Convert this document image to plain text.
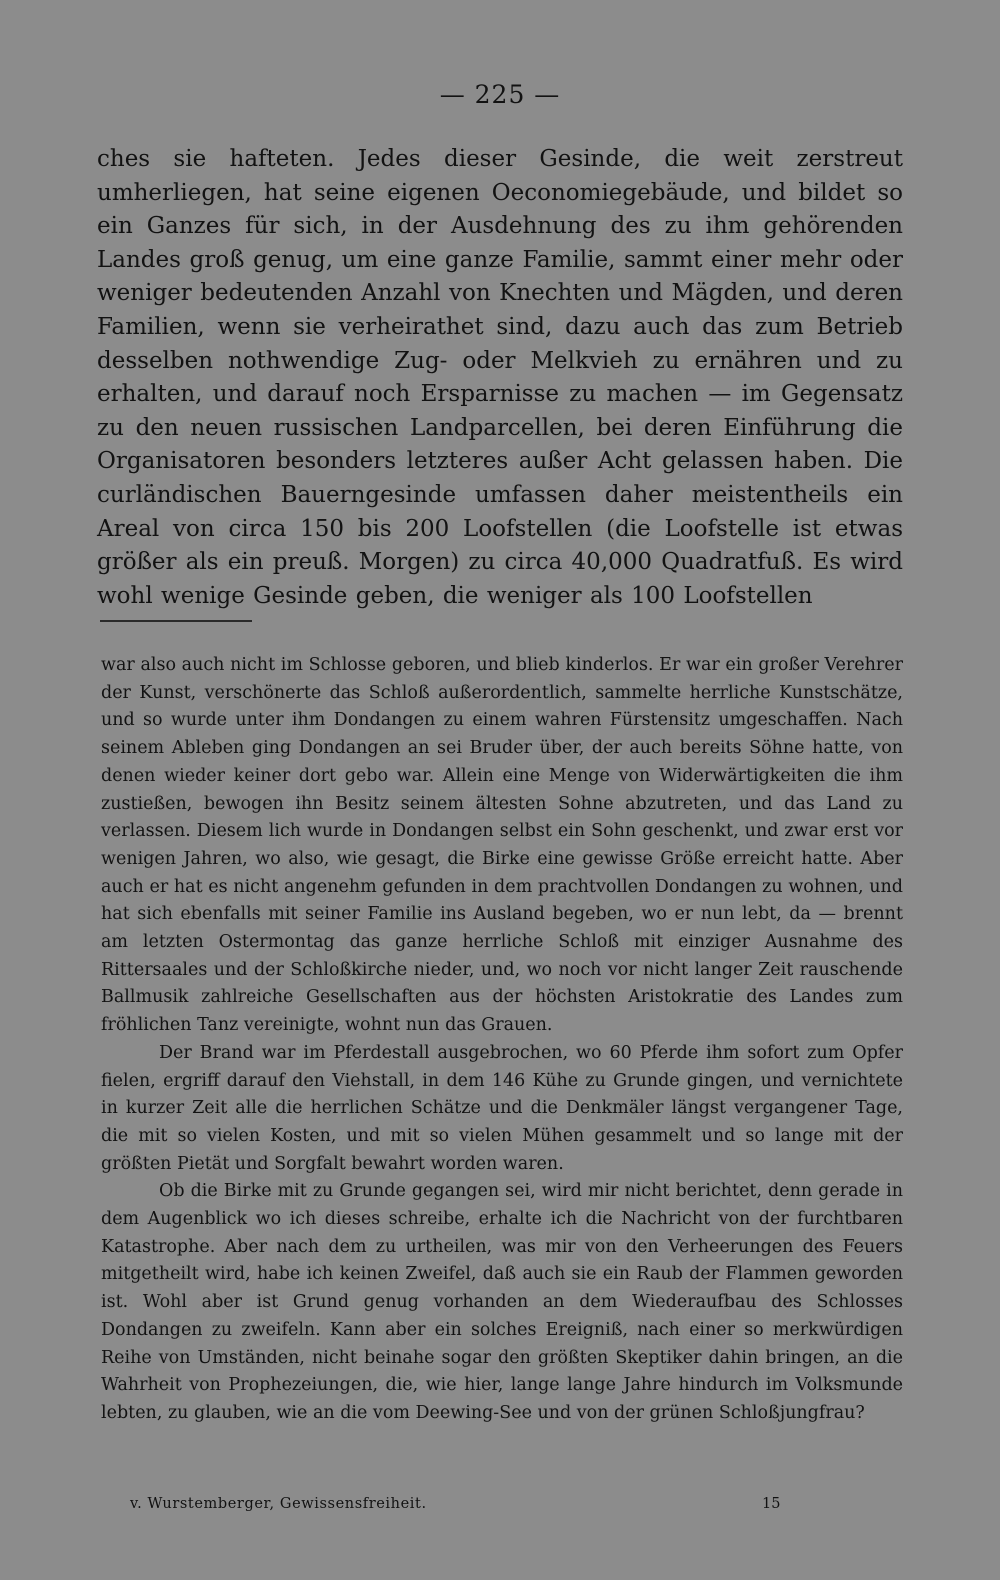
— 225 —

ches sie hafteten. Jedes dieser Gesinde, die weit zerstreut umherliegen, hat seine eigenen Oeconomiegebäude, und bildet so ein Ganzes für sich, in der Ausdehnung des zu ihm gehörenden Landes groß genug, um eine ganze Familie, sammt einer mehr oder weniger bedeutenden Anzahl von Knechten und Mägden, und deren Familien, wenn sie verheirathet sind, dazu auch das zum Betrieb desselben nothwendige Zug- oder Melkvieh zu ernähren und zu erhalten, und darauf noch Ersparnisse zu machen — im Gegensatz zu den neuen russischen Landparcellen, bei deren Einführung die Organisatoren besonders letzteres außer Acht gelassen haben. Die curländischen Bauerngesinde umfassen daher meistentheils ein Areal von circa 150 bis 200 Loofstellen (die Loofstelle ist etwas größer als ein preuß. Morgen) zu circa 40,000 Quadratfuß. Es wird wohl wenige Gesinde geben, die weniger als 100 Loofstellen

war also auch nicht im Schlosse geboren, und blieb kinderlos. Er war ein großer Verehrer der Kunst, verschönerte das Schloß außerordentlich, sammelte herrliche Kunstschätze, und so wurde unter ihm Dondangen zu einem wahren Fürstensitz umgeschaffen. Nach seinem Ableben ging Dondangen an sei Bruder über, der auch bereits Söhne hatte, von denen wieder keiner dort gebo war. Allein eine Menge von Widerwärtigkeiten die ihm zustießen, bewogen ihn Besitz seinem ältesten Sohne abzutreten, und das Land zu verlassen. Diesem lich wurde in Dondangen selbst ein Sohn geschenkt, und zwar erst vor wenigen Jahren, wo also, wie gesagt, die Birke eine gewisse Größe erreicht hatte. Aber auch er hat es nicht angenehm gefunden in dem prachtvollen Dondangen zu wohnen, und hat sich ebenfalls mit seiner Familie ins Ausland begeben, wo er nun lebt, da — brennt am letzten Ostermontag das ganze herrliche Schloß mit einziger Ausnahme des Rittersaales und der Schloßkirche nieder, und, wo noch vor nicht langer Zeit rauschende Ballmusik zahlreiche Gesellschaften aus der höchsten Aristokratie des Landes zum fröhlichen Tanz vereinigte, wohnt nun das Grauen.

Der Brand war im Pferdestall ausgebrochen, wo 60 Pferde ihm sofort zum Opfer fielen, ergriff darauf den Viehstall, in dem 146 Kühe zu Grunde gingen, und vernichtete in kurzer Zeit alle die herrlichen Schätze und die Denkmäler längst vergangener Tage, die mit so vielen Kosten, und mit so vielen Mühen gesammelt und so lange mit der größten Pietät und Sorgfalt bewahrt worden waren.

Ob die Birke mit zu Grunde gegangen sei, wird mir nicht berichtet, denn gerade in dem Augenblick wo ich dieses schreibe, erhalte ich die Nachricht von der furchtbaren Katastrophe. Aber nach dem zu urtheilen, was mir von den Verheerungen des Feuers mitgetheilt wird, habe ich keinen Zweifel, daß auch sie ein Raub der Flammen geworden ist. Wohl aber ist Grund genug vorhanden an dem Wiederaufbau des Schlosses Dondangen zu zweifeln. Kann aber ein solches Ereigniß, nach einer so merkwürdigen Reihe von Umständen, nicht beinahe sogar den größten Skeptiker dahin bringen, an die Wahrheit von Prophezeiungen, die, wie hier, lange lange Jahre hindurch im Volksmunde lebten, zu glauben, wie an die vom Deewing-See und von der grünen Schloßjungfrau?

v. Wurstemberger, Gewissensfreiheit.	15
